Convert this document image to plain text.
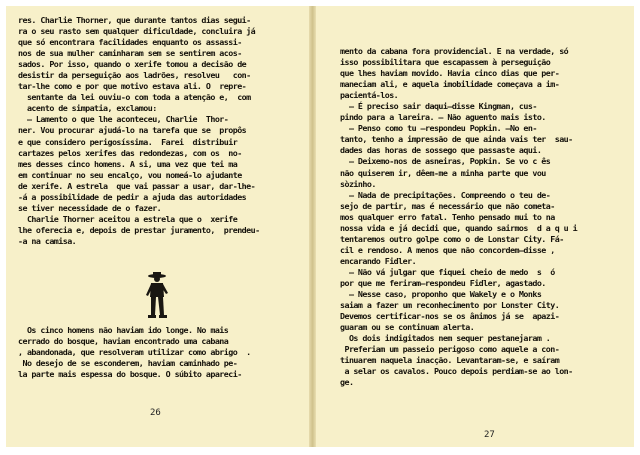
res. Charlie Thorner, que durante tantos dias segui-
ra o seu rasto sem qualquer dificuldade, concluira já
que só encontrara facilidades enquanto os assassi-
nos de sua mulher caminharam sem se sentirem acos-
sados. Por isso, quando o xerife tomou a decisão de
desistir da perseguição aos ladrões, resolveu   con-
tar-lhe como e por que motivo estava ali. O  repre-
sentante da lei ouviu-o com toda a atenção e,  com
acento de simpatia, exclamou:
— Lamento o que lhe aconteceu, Charlie  Thor-
ner. Vou procurar ajudá-lo na tarefa que se  propôs
e que considero perigosíssima.  Farei  distribuir
cartazes pelos xerifes das redondezas, com os  no-
mes desses cinco homens. A si, uma vez que tei ma
em continuar no seu encalço, vou nomeá-lo ajudante
de xerife. A estrela  que vai passar a usar, dar-lhe-
-á a possibilidade de pedir a ajuda das autoridades
se tiver necessidade de o fazer.
Charlie Thorner aceitou a estrela que o  xerife
lhe oferecia e, depois de prestar juramento,  prendeu-
-a na camisa.
Os cinco homens não haviam ido longe. No mais
cerrado do bosque, haviam encontrado uma cabana
, abandonada, que resolveram utilizar como abrigo  .
No desejo de se esconderem, haviam caminhado pe-
la parte mais espessa do bosque. O súbito apareci-
26
mento da cabana fora providencial. E na verdade, só
isso possibilitara que escapassem à perseguição
que lhes haviam movido. Havia cinco dias que per-
maneciam ali, e aquela imobilidade começava a im-
pacientá-los.
— É preciso sair daqui—disse Kingman, cus-
pindo para a lareira. — Não aguento mais isto.
— Penso como tu —respondeu Popkin. —No en-
tanto, tenho a impressão de que ainda vais ter  sau-
dades das horas de sossego que passaste aqui.
— Deixemo-nos de asneiras, Popkin. Se vo c ês
não quiserem ir, dêem-me a minha parte que vou
sòzinho.
— Nada de precipitações. Compreendo o teu de-
sejo de partir, mas é necessário que não cometa-
mos qualquer erro fatal. Tenho pensado mui to na
nossa vida e já decidi que, quando sairmos  d a q u i
tentaremos outro golpe como o de Lonstar City. Fá-
cil e rendoso. A menos que não concordem—disse ,
encarando Fidler.
— Não vá julgar que fiquei cheio de medo  s  ó
por que me feriram—respondeu Fidler, agastado.
— Nesse caso, proponho que Wakely e o Monks
saiam a fazer um reconhecimento por Lonster City.
Devemos certificar-nos se os ânimos já se  apazi-
guaram ou se continuam alerta.
Os dois indigitados nem sequer pestanejaram .
Preferiam um passeio perigoso como aquele a con-
tinuarem naquela inacção. Levantaram-se, e saíram
a selar os cavalos. Pouco depois perdiam-se ao lon-
ge.
27
